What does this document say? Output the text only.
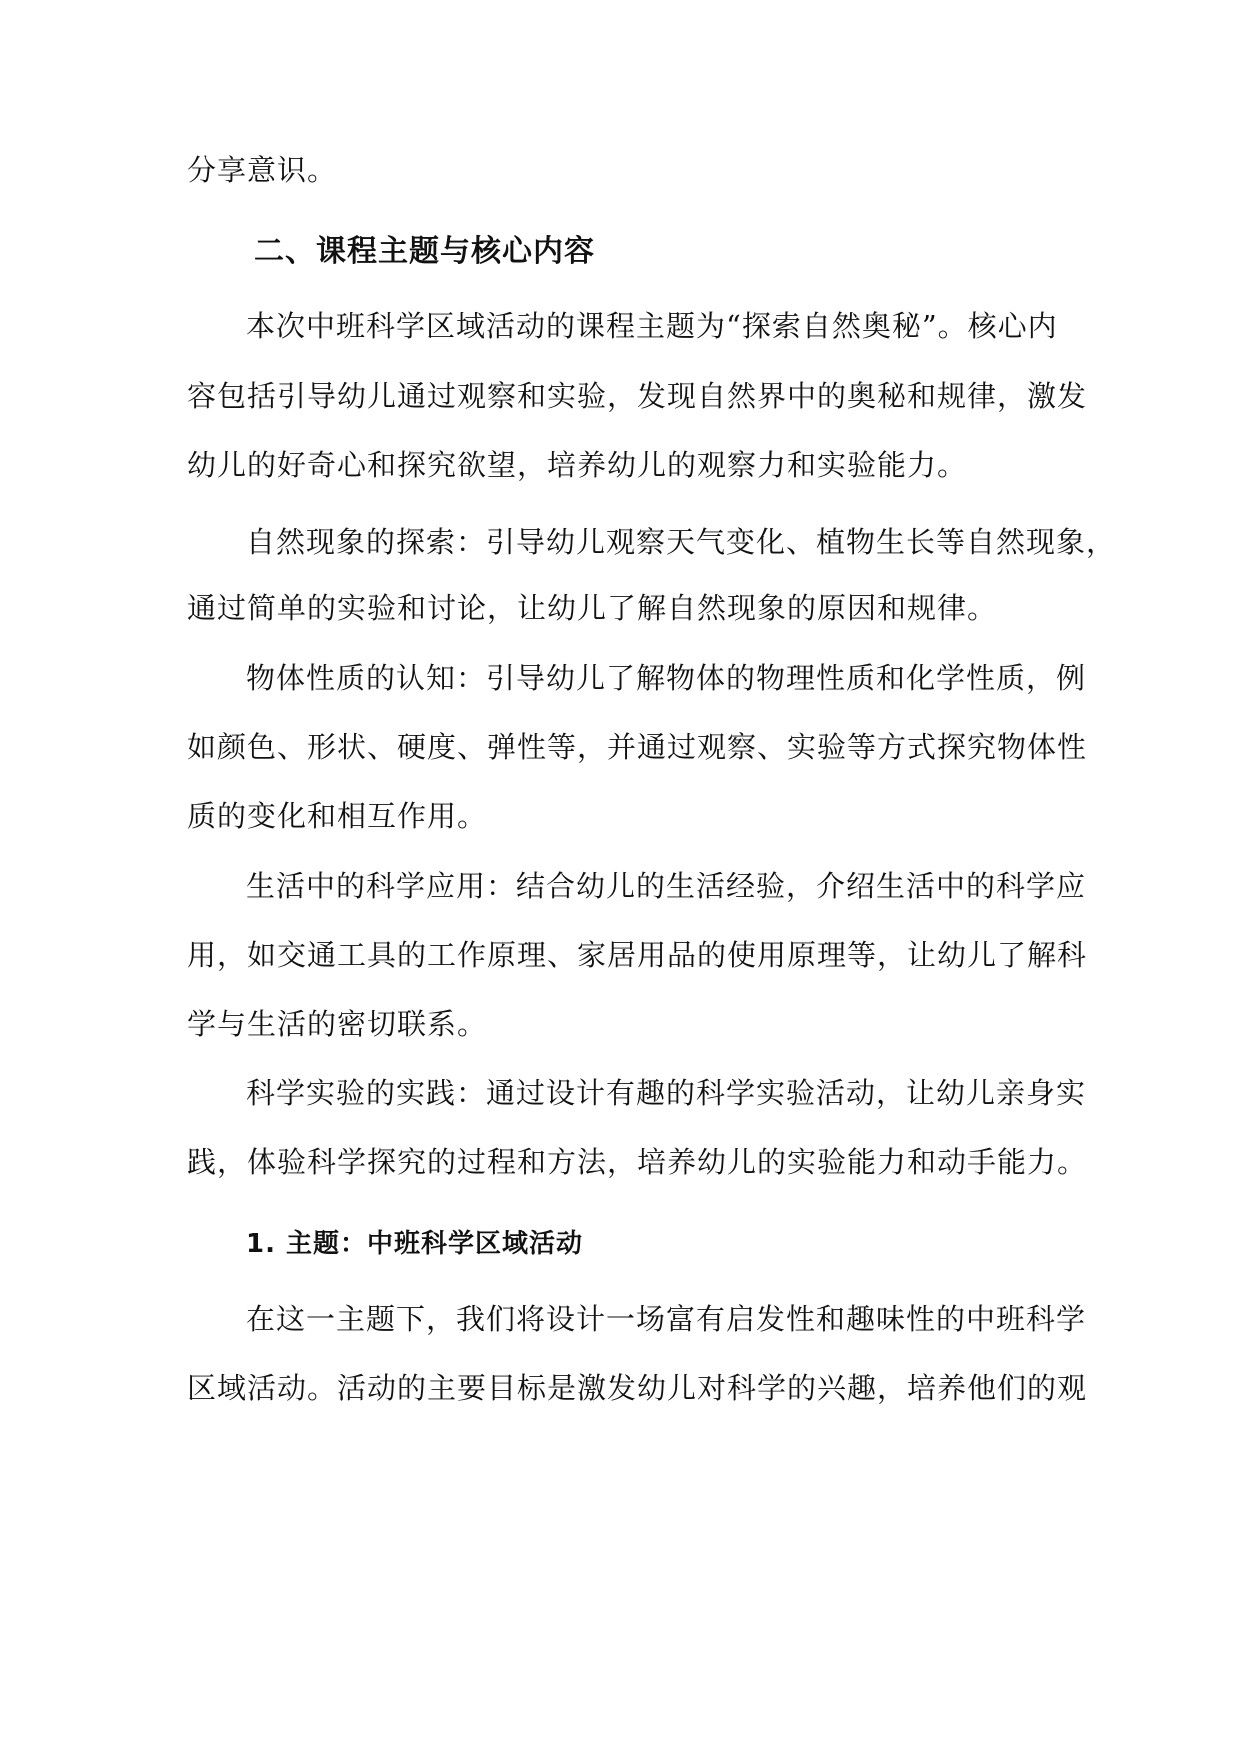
分享意识。
二、课程主题与核心内容
本次中班科学区域活动的课程主题为“探索自然奥秘”。核心内
容包括引导幼儿通过观察和实验，发现自然界中的奥秘和规律，激发
幼儿的好奇心和探究欲望，培养幼儿的观察力和实验能力。
自然现象的探索：引导幼儿观察天气变化、植物生长等自然现象，
通过简单的实验和讨论，让幼儿了解自然现象的原因和规律。
物体性质的认知：引导幼儿了解物体的物理性质和化学性质，例
如颜色、形状、硬度、弹性等，并通过观察、实验等方式探究物体性
质的变化和相互作用。
生活中的科学应用：结合幼儿的生活经验，介绍生活中的科学应
用，如交通工具的工作原理、家居用品的使用原理等，让幼儿了解科
学与生活的密切联系。
科学实验的实践：通过设计有趣的科学实验活动，让幼儿亲身实
践，体验科学探究的过程和方法，培养幼儿的实验能力和动手能力。
1. 主题：中班科学区域活动
在这一主题下，我们将设计一场富有启发性和趣味性的中班科学
区域活动。活动的主要目标是激发幼儿对科学的兴趣，培养他们的观
